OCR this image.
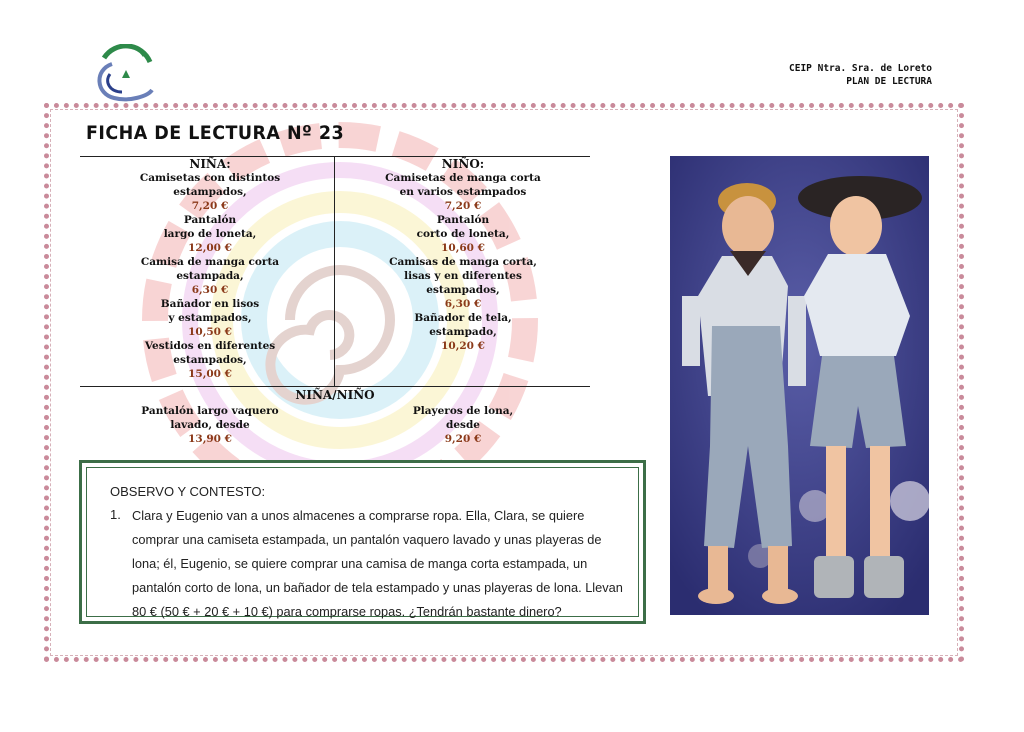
CEIP Ntra. Sra. de Loreto
PLAN DE LECTURA
FICHA DE LECTURA Nº 23
NIÑA:
Camisetas con distintos
estampados,
7,20 €
Pantalón
largo de loneta,
12,00 €
Camisa de manga corta
estampada,
6,30 €
Bañador en lisos
y estampados,
10,50 €
Vestidos en diferentes
estampados,
15,00 €
NIÑO:
Camisetas de manga corta
en varios estampados
7,20 €
Pantalón
corto de loneta,
10,60 €
Camisas de manga corta,
lisas y en diferentes estampados,
6,30 €
Bañador de tela,
estampado,
10,20 €
NIÑA/NIÑO
Pantalón largo vaquero
lavado, desde
13,90 €
Playeros de lona,
desde
9,20 €
OBSERVO Y CONTESTO:
1. Clara y Eugenio van a unos almacenes a comprarse ropa. Ella, Clara, se quiere comprar una camiseta estampada, un pantalón vaquero lavado y unas playeras de lona; él, Eugenio, se quiere comprar una camisa de manga corta estampada, un pantalón corto de lona, un bañador de tela estampado y unas playeras de lona. Llevan 80 € (50 € + 20 € + 10 €) para comprarse ropas. ¿Tendrán bastante dinero?
